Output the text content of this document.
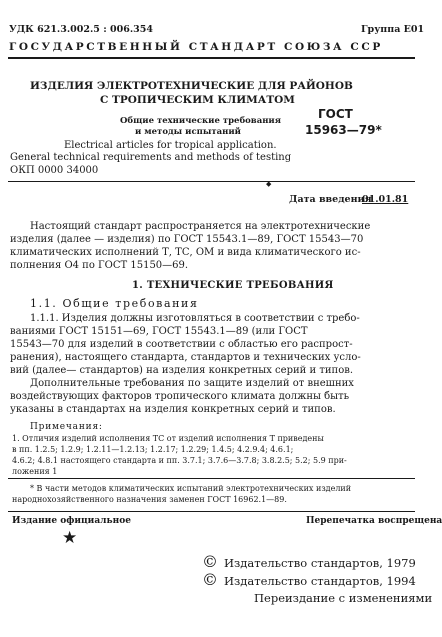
УДК 621.3.002.5 : 006.354	Группа Е01
ГОСУДАРСТВЕННЫЙ СТАНДАРТ СОЮЗА ССР
ИЗДЕЛИЯ ЭЛЕКТРОТЕХНИЧЕСКИЕ ДЛЯ РАЙОНОВ
С ТРОПИЧЕСКИМ КЛИМАТОМ
Общие технические требования
и методы испытаний
ГОСТ
15963—79*
Electrical articles for tropical application.
General technical requirements and methods of testing
ОКП 0000 34000
◆
Дата введения
01.01.81
Настоящий стандарт распространяется на электротехнические
изделия (далее — изделия) по ГОСТ 15543.1—89, ГОСТ 15543—70
климатических исполнений Т, ТС, ОМ и вида климатического ис-
полнения О4 по ГОСТ 15150—69.
1. ТЕХНИЧЕСКИЕ ТРЕБОВАНИЯ
1.1. Общие требования
1.1.1. Изделия должны изготовляться в соответствии с требо-
ваниями ГОСТ 15151—69, ГОСТ 15543.1—89 (или ГОСТ
15543—70 для изделий в соответствии с областью его распрост-
ранения), настоящего стандарта, стандартов и технических усло-
вий (далее— стандартов) на изделия конкретных серий и типов.
Дополнительные требования по защите изделий от внешних
воздействующих факторов тропического климата должны быть
указаны в стандартах на изделия конкретных серий и типов.
Примечания:
1. Отличия изделий исполнения ТС от изделий исполнения Т приведены
в пп. 1.2.5; 1.2.9; 1.2.11—1.2.13; 1.2.17; 1.2.29; 1.4.5; 4.2.9.4; 4.6.1;
4.6.2; 4.8.1 настоящего стандарта и пп. 3.7.1; 3.7.6—3.7.8; 3.8.2.5; 5.2; 5.9 при-
ложения 1
* В части методов климатических испытаний электротехнических изделий
народнохозяйственного назначения заменен ГОСТ 16962.1—89.
Издание официальное	Перепечатка воспрещена
★
© Издательство стандартов, 1979
© Издательство стандартов, 1994
Переиздание с изменениями
